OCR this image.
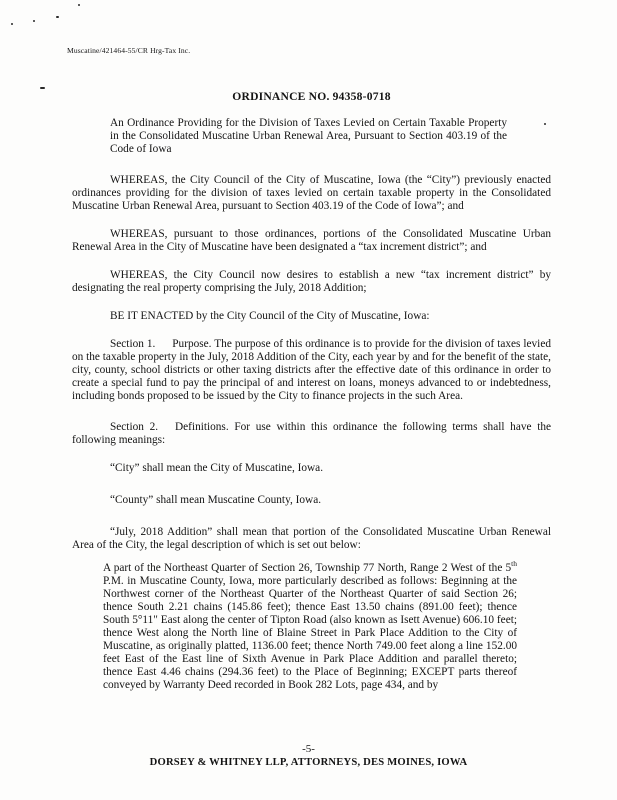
Muscatine/421464-55/CR Hrg-Tax Inc.
ORDINANCE NO. 94358-0718

An Ordinance Providing for the Division of Taxes Levied on Certain Taxable Property in the Consolidated Muscatine Urban Renewal Area, Pursuant to Section 403.19 of the Code of Iowa

WHEREAS, the City Council of the City of Muscatine, Iowa (the “City”) previously enacted ordinances providing for the division of taxes levied on certain taxable property in the Consolidated Muscatine Urban Renewal Area, pursuant to Section 403.19 of the Code of Iowa”; and

WHEREAS, pursuant to those ordinances, portions of the Consolidated Muscatine Urban Renewal Area in the City of Muscatine have been designated a “tax increment district”; and

WHEREAS, the City Council now desires to establish a new “tax increment district” by designating the real property comprising the July, 2018 Addition;

BE IT ENACTED by the City Council of the City of Muscatine, Iowa:

Section 1.  Purpose. The purpose of this ordinance is to provide for the division of taxes levied on the taxable property in the July, 2018 Addition of the City, each year by and for the benefit of the state, city, county, school districts or other taxing districts after the effective date of this ordinance in order to create a special fund to pay the principal of and interest on loans, moneys advanced to or indebtedness, including bonds proposed to be issued by the City to finance projects in the such Area.

Section 2.  Definitions. For use within this ordinance the following terms shall have the following meanings:

“City” shall mean the City of Muscatine, Iowa.

“County” shall mean Muscatine County, Iowa.

“July, 2018 Addition” shall mean that portion of the Consolidated Muscatine Urban Renewal Area of the City, the legal description of which is set out below:

A part of the Northeast Quarter of Section 26, Township 77 North, Range 2 West of the 5th P.M. in Muscatine County, Iowa, more particularly described as follows: Beginning at the Northwest corner of the Northeast Quarter of the Northeast Quarter of said Section 26; thence South 2.21 chains (145.86 feet); thence East 13.50 chains (891.00 feet); thence South 5°11" East along the center of Tipton Road (also known as Isett Avenue) 606.10 feet; thence West along the North line of Blaine Street in Park Place Addition to the City of Muscatine, as originally platted, 1136.00 feet; thence North 749.00 feet along a line 152.00 feet East of the East line of Sixth Avenue in Park Place Addition and parallel thereto; thence East 4.46 chains (294.36 feet) to the Place of Beginning; EXCEPT parts thereof conveyed by Warranty Deed recorded in Book 282 Lots, page 434, and by

-5-
DORSEY & WHITNEY LLP, ATTORNEYS, DES MOINES, IOWA
